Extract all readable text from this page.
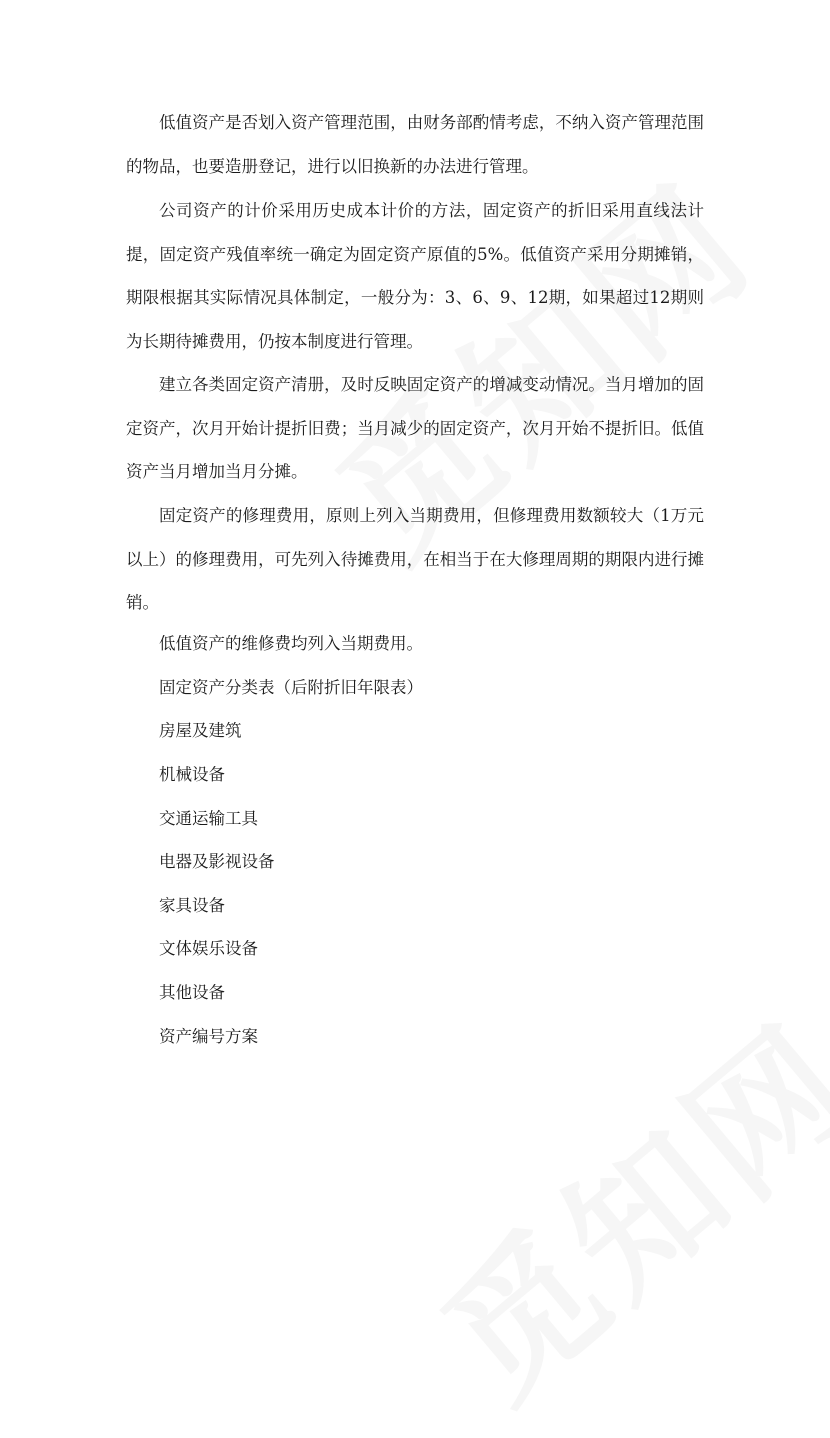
低值资产是否划入资产管理范围，由财务部酌情考虑，不纳入资产管理范围的物品，也要造册登记，进行以旧换新的办法进行管理。

公司资产的计价采用历史成本计价的方法，固定资产的折旧采用直线法计提，固定资产残值率统一确定为固定资产原值的5%。低值资产采用分期摊销，期限根据其实际情况具体制定，一般分为：3、6、9、12期，如果超过12期则为长期待摊费用，仍按本制度进行管理。

建立各类固定资产清册，及时反映固定资产的增减变动情况。当月增加的固定资产，次月开始计提折旧费；当月减少的固定资产，次月开始不提折旧。低值资产当月增加当月分摊。

固定资产的修理费用，原则上列入当期费用，但修理费用数额较大（1万元以上）的修理费用，可先列入待摊费用，在相当于在大修理周期的期限内进行摊销。

低值资产的维修费均列入当期费用。

固定资产分类表（后附折旧年限表）

房屋及建筑

机械设备

交通运输工具

电器及影视设备

家具设备

文体娱乐设备

其他设备

资产编号方案
